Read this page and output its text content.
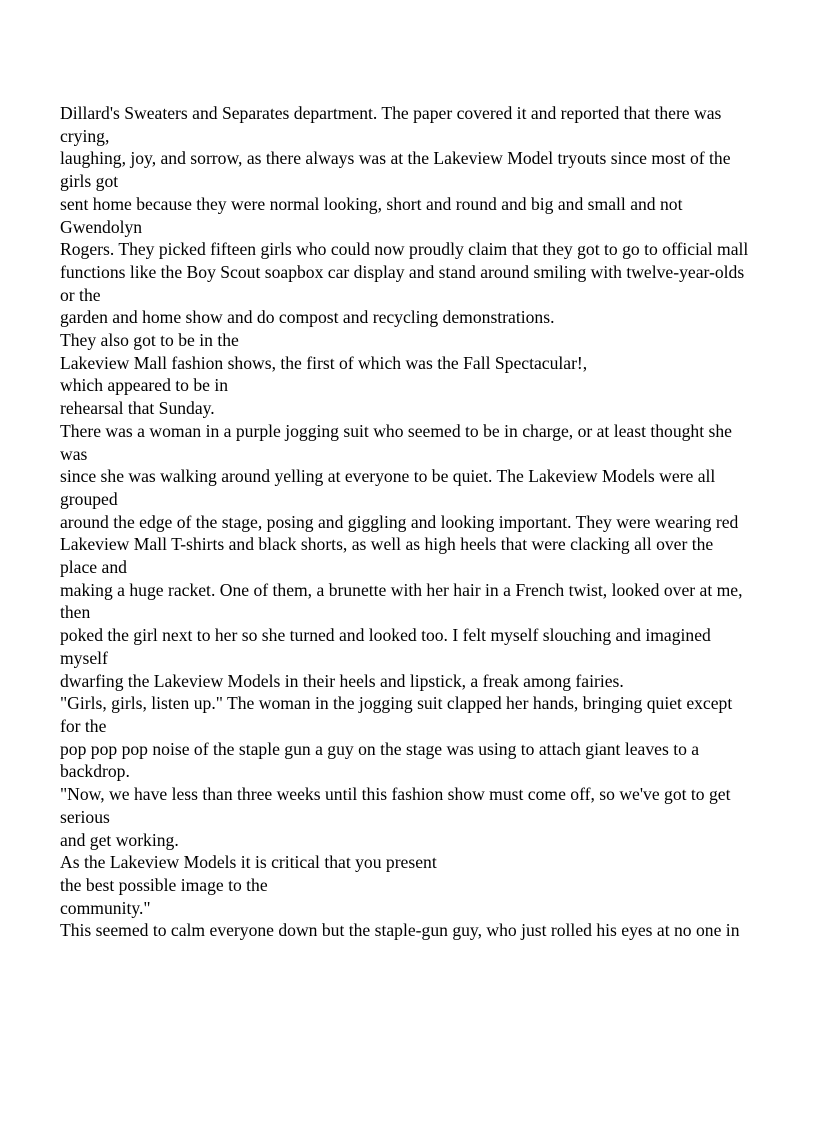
Dillard's Sweaters and Separates department. The paper covered it and reported that there was crying,
laughing, joy, and sorrow, as there always was at the Lakeview Model tryouts since most of the girls got
sent home because they were normal looking, short and round and big and small and not Gwendolyn
Rogers. They picked fifteen girls who could now proudly claim that they got to go to official mall
functions like the Boy Scout soapbox car display and stand around smiling with twelve-year-olds or the
garden and home show and do compost and recycling demonstrations.
They also got to be in the
Lakeview Mall fashion shows, the first of which was the Fall Spectacular!,
which appeared to be in
rehearsal that Sunday.
There was a woman in a purple jogging suit who seemed to be in charge, or at least thought she was
since she was walking around yelling at everyone to be quiet. The Lakeview Models were all grouped
around the edge of the stage, posing and giggling and looking important. They were wearing red
Lakeview Mall T-shirts and black shorts, as well as high heels that were clacking all over the place and
making a huge racket. One of them, a brunette with her hair in a French twist, looked over at me, then
poked the girl next to her so she turned and looked too. I felt myself slouching and imagined myself
dwarfing the Lakeview Models in their heels and lipstick, a freak among fairies.
"Girls, girls, listen up." The woman in the jogging suit clapped her hands, bringing quiet except for the
pop pop pop noise of the staple gun a guy on the stage was using to attach giant leaves to a backdrop.
"Now, we have less than three weeks until this fashion show must come off, so we've got to get serious
and get working.
As the Lakeview Models it is critical that you present
the best possible image to the
community."
This seemed to calm everyone down but the staple-gun guy, who just rolled his eyes at no one in
